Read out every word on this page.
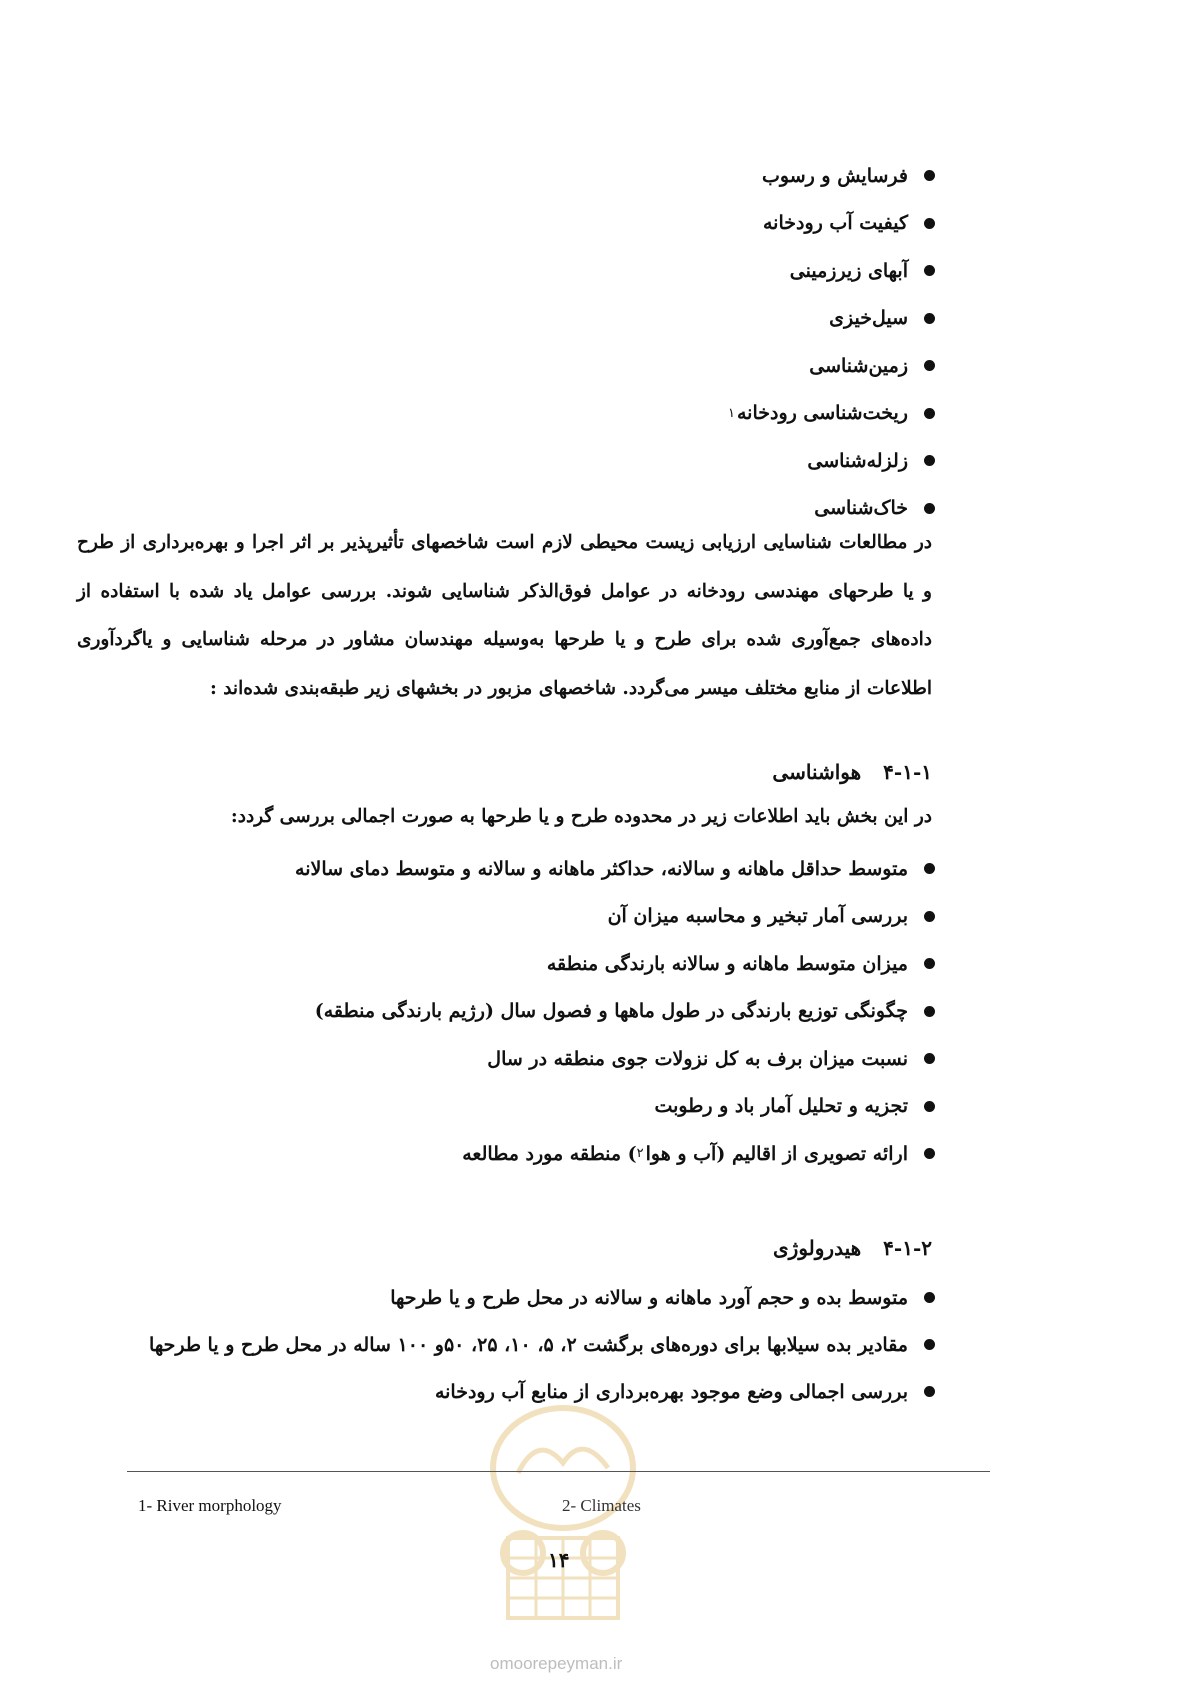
فرسایش و رسوب
کیفیت آب رودخانه
آبهای زیرزمینی
سیل‌خیزی
زمین‌شناسی
ریخت‌شناسی رودخانه
۱
زلزله‌شناسی
خاک‌شناسی

در مطالعات شناسایی ارزیابی زیست محیطی لازم است شاخصهای تأثیرپذیر بر اثر اجرا و بهره‌برداری از طرح و یا طرحهای مهندسی رودخانه در عوامل فوق‌الذکر شناسایی شوند. بررسی عوامل یاد شده با استفاده از داده‌های جمع‌آوری شده برای طرح و یا طرحها به‌وسیله مهندسان مشاور در مرحله شناسایی و یاگردآوری اطلاعات از منابع مختلف میسر می‌گردد. شاخصهای مزبور در بخشهای زیر طبقه‌بندی شده‌اند :

۴-۱-۱هواشناسی
در این بخش باید اطلاعات زیر در محدوده طرح و یا طرحها به صورت اجمالی بررسی گردد:
متوسط حداقل ماهانه و سالانه، حداکثر ماهانه و سالانه و متوسط دمای سالانه
بررسی آمار تبخیر و محاسبه میزان آن
میزان متوسط ماهانه و سالانه بارندگی منطقه
چگونگی توزیع بارندگی در طول ماهها و فصول سال (رژیم بارندگی منطقه)
نسبت میزان برف به کل نزولات جوی منطقه در سال
تجزیه و تحلیل آمار باد و رطوبت
ارائه تصویری از اقالیم (آب و هوا
۲
) منطقه مورد مطالعه
۴-۱-۲هیدرولوژی
متوسط بده و حجم آورد ماهانه و سالانه در محل طرح و یا طرحها
مقادیر بده سیلابها برای دوره‌های برگشت ۲، ۵، ۱۰، ۲۵، ۵۰و ۱۰۰ ساله در محل طرح و یا طرحها
بررسی اجمالی وضع موجود بهره‌برداری از منابع آب رودخانه
1- River morphology	2- Climates
۱۴
omoorepeyman.ir
